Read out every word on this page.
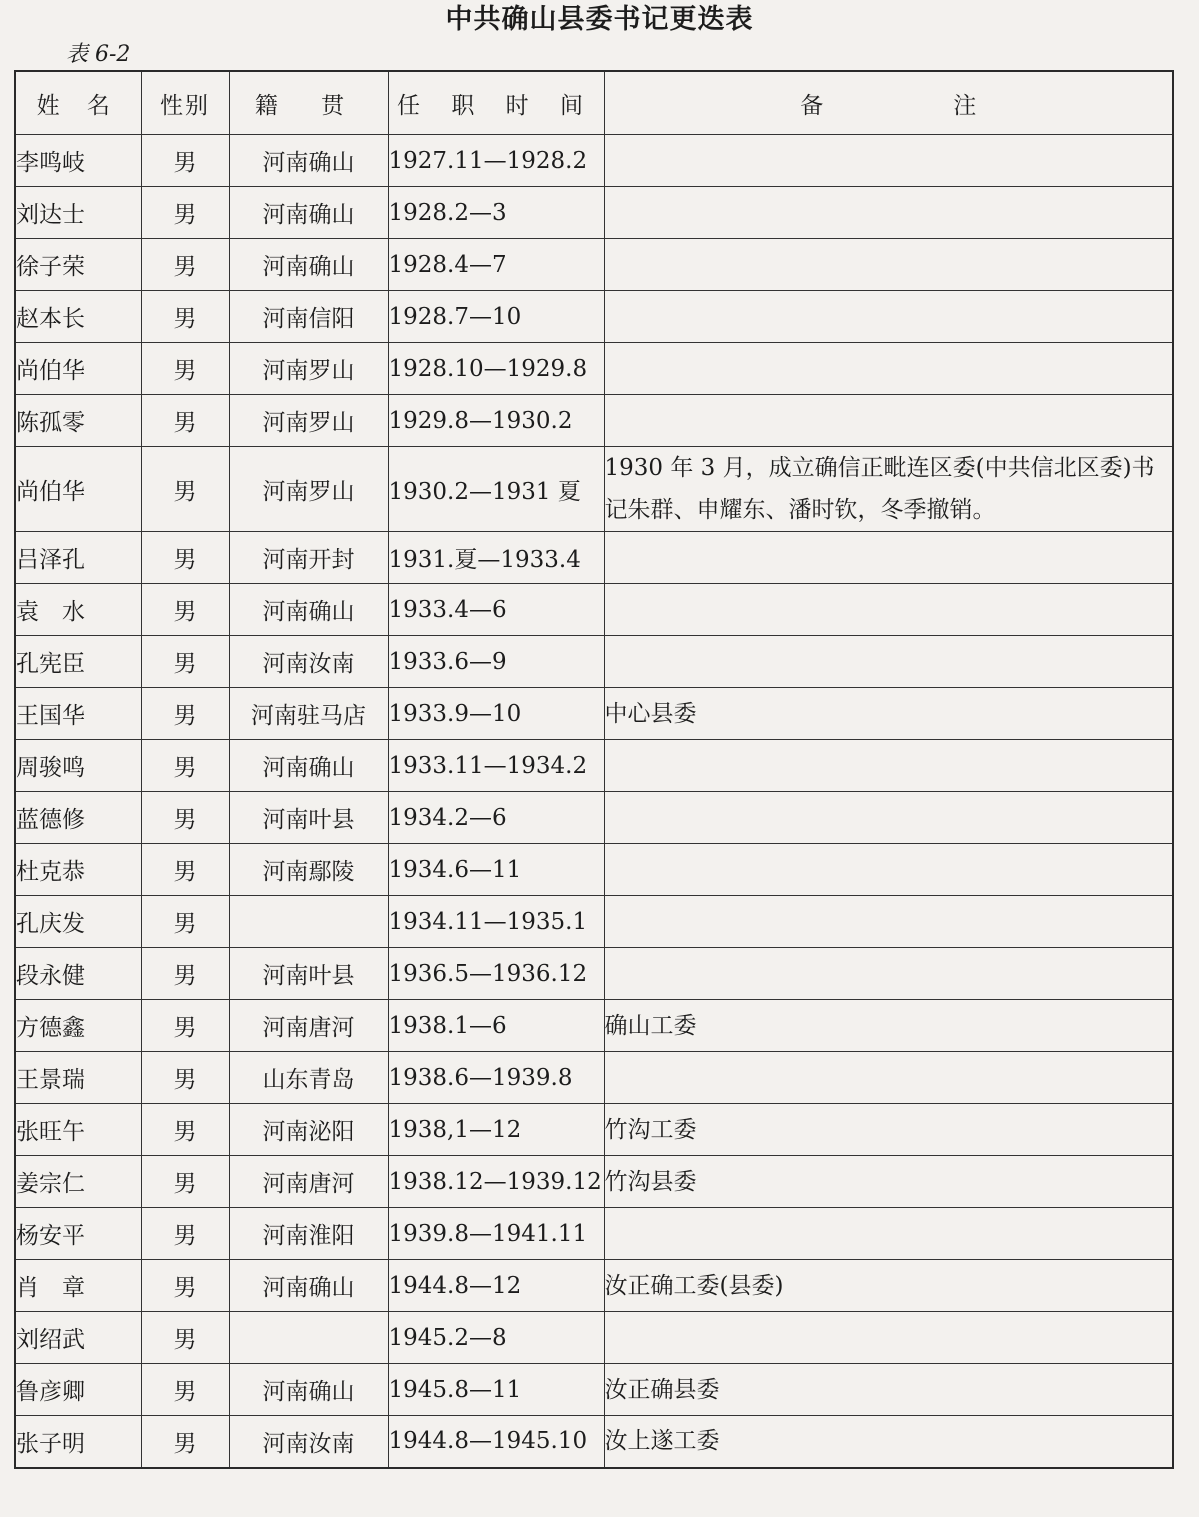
中共确山县委书记更迭表
表 6-2
姓 名	性别	籍 贯	任 职 时 间	备 注
李鸣岐	男	河南确山	1927.11—1928.2	
刘达士	男	河南确山	1928.2—3	
徐子荣	男	河南确山	1928.4—7	
赵本长	男	河南信阳	1928.7—10	
尚伯华	男	河南罗山	1928.10—1929.8	
陈孤零	男	河南罗山	1929.8—1930.2	
尚伯华	男	河南罗山	1930.2—1931 夏	1930 年 3 月，成立确信正毗连区委(中共信北区委)书记朱群、申耀东、潘时钦，冬季撤销。
吕泽孔	男	河南开封	1931.夏—1933.4	
袁　水	男	河南确山	1933.4—6	
孔宪臣	男	河南汝南	1933.6—9	
王国华	男	河南驻马店	1933.9—10	中心县委
周骏鸣	男	河南确山	1933.11—1934.2	
蓝德修	男	河南叶县	1934.2—6	
杜克恭	男	河南鄢陵	1934.6—11	
孔庆发	男		1934.11—1935.1	
段永健	男	河南叶县	1936.5—1936.12	
方德鑫	男	河南唐河	1938.1—6	确山工委
王景瑞	男	山东青岛	1938.6—1939.8	
张旺午	男	河南泌阳	1938,1—12	竹沟工委
姜宗仁	男	河南唐河	1938.12—1939.12	竹沟县委
杨安平	男	河南淮阳	1939.8—1941.11	
肖　章	男	河南确山	1944.8—12	汝正确工委(县委)
刘绍武	男		1945.2—8	
鲁彦卿	男	河南确山	1945.8—11	汝正确县委
张子明	男	河南汝南	1944.8—1945.10	汝上遂工委
